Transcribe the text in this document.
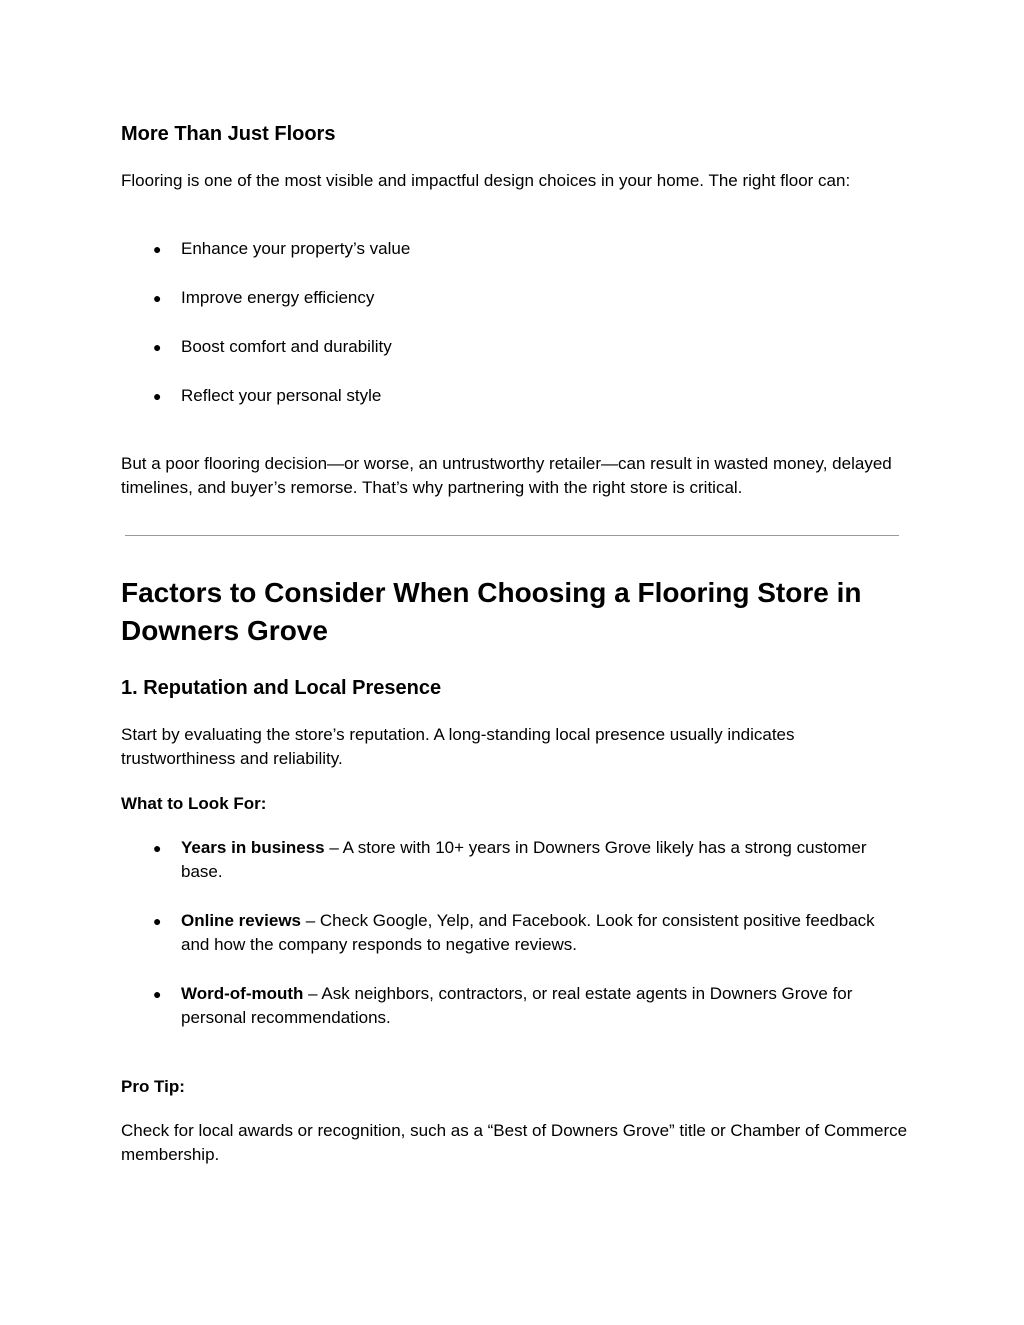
More Than Just Floors

Flooring is one of the most visible and impactful design choices in your home. The right floor can:

● Enhance your property’s value
● Improve energy efficiency
● Boost comfort and durability
● Reflect your personal style

But a poor flooring decision—or worse, an untrustworthy retailer—can result in wasted money, delayed timelines, and buyer’s remorse. That’s why partnering with the right store is critical.

Factors to Consider When Choosing a Flooring Store in Downers Grove
1. Reputation and Local Presence

Start by evaluating the store’s reputation. A long-standing local presence usually indicates trustworthiness and reliability.

What to Look For:

● Years in business – A store with 10+ years in Downers Grove likely has a strong customer base.
● Online reviews – Check Google, Yelp, and Facebook. Look for consistent positive feedback and how the company responds to negative reviews.
● Word-of-mouth – Ask neighbors, contractors, or real estate agents in Downers Grove for personal recommendations.

Pro Tip:

Check for local awards or recognition, such as a “Best of Downers Grove” title or Chamber of Commerce membership.
